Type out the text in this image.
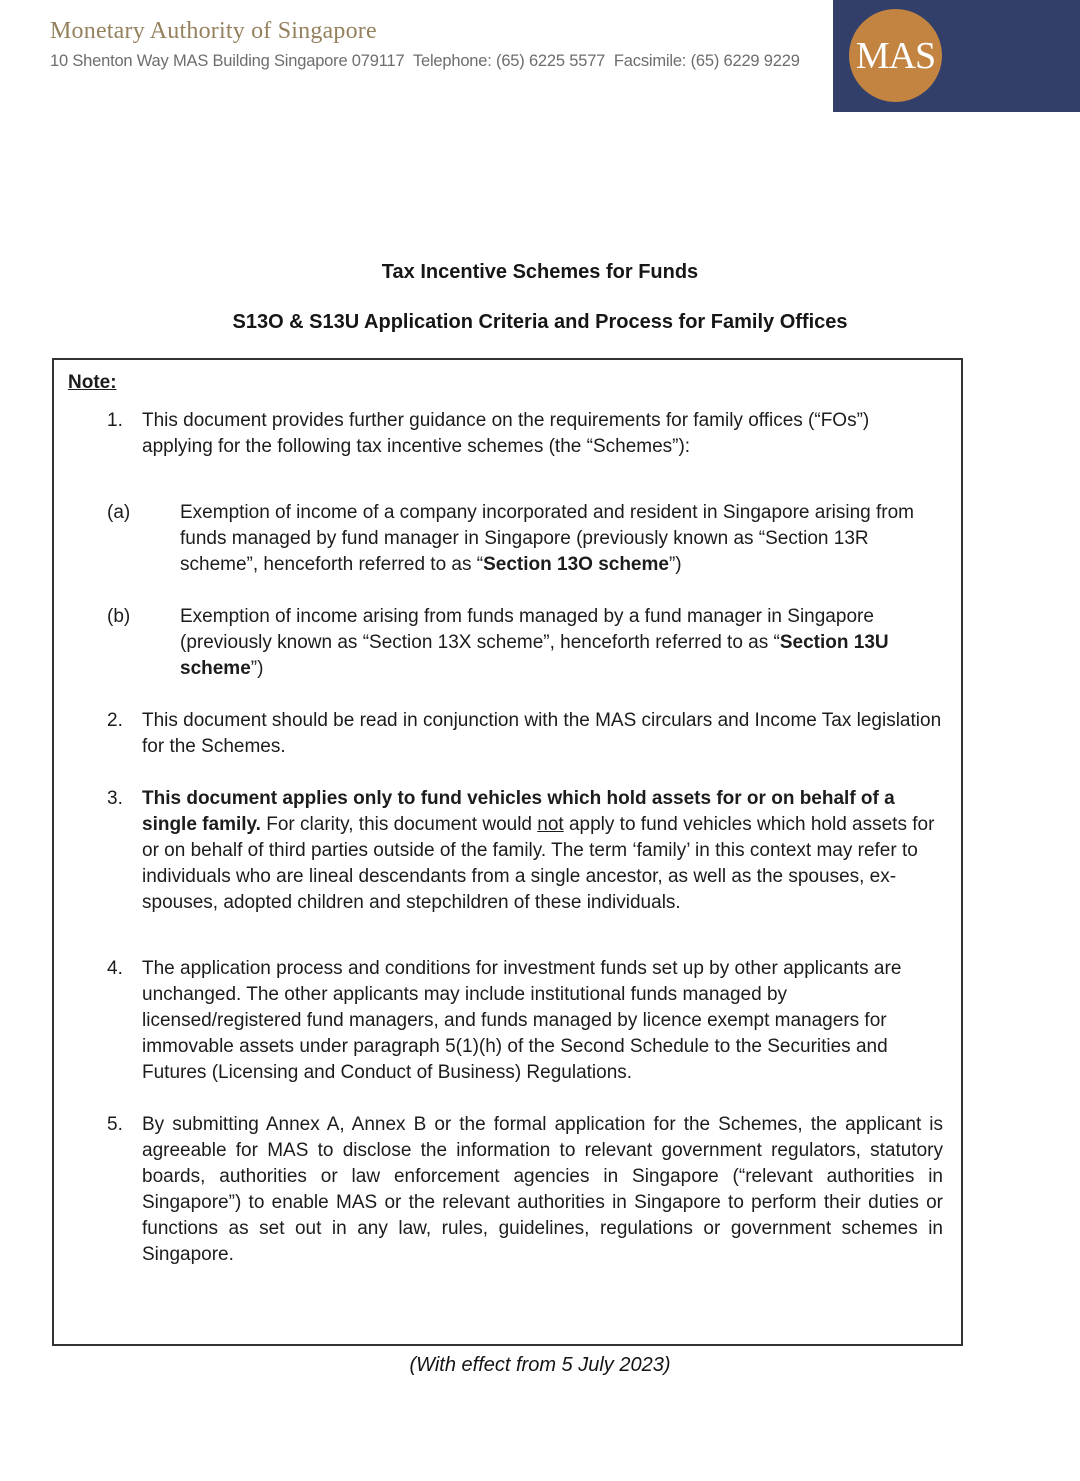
Monetary Authority of Singapore
10 Shenton Way MAS Building Singapore 079117  Telephone: (65) 6225 5577  Facsimile: (65) 6229 9229 MAS
Tax Incentive Schemes for Funds
S13O & S13U Application Criteria and Process for Family Offices
Note:
1. This document provides further guidance on the requirements for family offices (“FOs”) applying for the following tax incentive schemes (the “Schemes”):
(a)	Exemption of income of a company incorporated and resident in Singapore arising from funds managed by fund manager in Singapore (previously known as “Section 13R scheme”, henceforth referred to as “Section 13O scheme”)
(b)	Exemption of income arising from funds managed by a fund manager in Singapore (previously known as “Section 13X scheme”, henceforth referred to as “Section 13U scheme”)
2. This document should be read in conjunction with the MAS circulars and Income Tax legislation for the Schemes.
3. This document applies only to fund vehicles which hold assets for or on behalf of a single family. For clarity, this document would not apply to fund vehicles which hold assets for or on behalf of third parties outside of the family. The term ‘family’ in this context may refer to individuals who are lineal descendants from a single ancestor, as well as the spouses, ex-spouses, adopted children and stepchildren of these individuals.
4. The application process and conditions for investment funds set up by other applicants are unchanged. The other applicants may include institutional funds managed by licensed/registered fund managers, and funds managed by licence exempt managers for immovable assets under paragraph 5(1)(h) of the Second Schedule to the Securities and Futures (Licensing and Conduct of Business) Regulations.
5. By submitting Annex A, Annex B or the formal application for the Schemes, the applicant is agreeable for MAS to disclose the information to relevant government regulators, statutory boards, authorities or law enforcement agencies in Singapore (“relevant authorities in Singapore”) to enable MAS or the relevant authorities in Singapore to perform their duties or functions as set out in any law, rules, guidelines, regulations or government schemes in Singapore.
(With effect from 5 July 2023)
